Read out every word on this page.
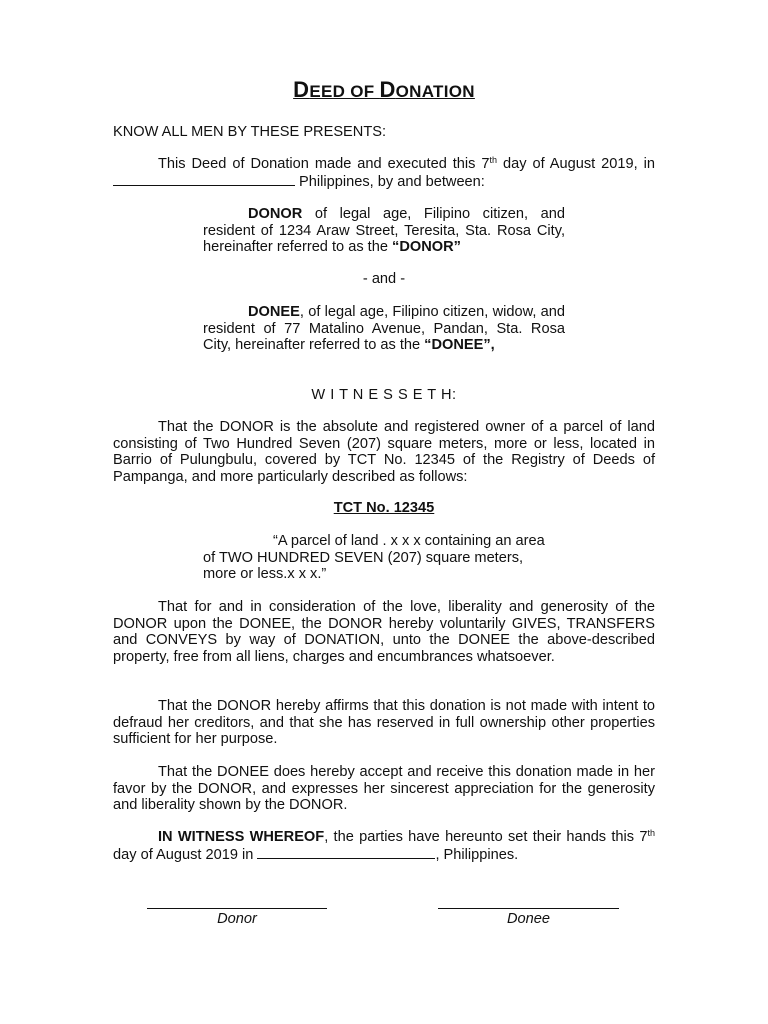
DEED OF DONATION
KNOW ALL MEN BY THESE PRESENTS:
This Deed of Donation made and executed this 7th day of August 2019, in  Philippines, by and between:
DONOR of legal age, Filipino citizen, and resident of 1234 Araw Street, Teresita, Sta. Rosa City, hereinafter referred to as the “DONOR”
- and -
DONEE, of legal age, Filipino citizen, widow, and resident of 77 Matalino Avenue, Pandan, Sta. Rosa City, hereinafter referred to as the “DONEE”,
W I T N E S S E T H:
That the DONOR is the absolute and registered owner of a parcel of land consisting of Two Hundred Seven (207) square meters, more or less, located in Barrio of Pulungbulu, covered by TCT No. 12345 of the Registry of Deeds of Pampanga, and more particularly described as follows:
TCT No. 12345
“A parcel of land . x x x containing an area
of TWO HUNDRED SEVEN (207) square meters,
more or less.x x x.”
That for and in consideration of the love, liberality and generosity of the DONOR upon the DONEE, the DONOR hereby voluntarily GIVES, TRANSFERS and CONVEYS by way of DONATION, unto the DONEE the above-described property, free from all liens, charges and encumbrances whatsoever.
That the DONOR hereby affirms that this donation is not made with intent to defraud her creditors, and that she has reserved in full ownership other properties sufficient for her purpose.
That the DONEE does hereby accept and receive this donation made in her favor by the DONOR, and expresses her sincerest appreciation for the generosity and liberality shown by the DONOR.
IN WITNESS WHEREOF, the parties have hereunto set their hands this 7th day of August 2019 in	, Philippines.
Donor	Donee
